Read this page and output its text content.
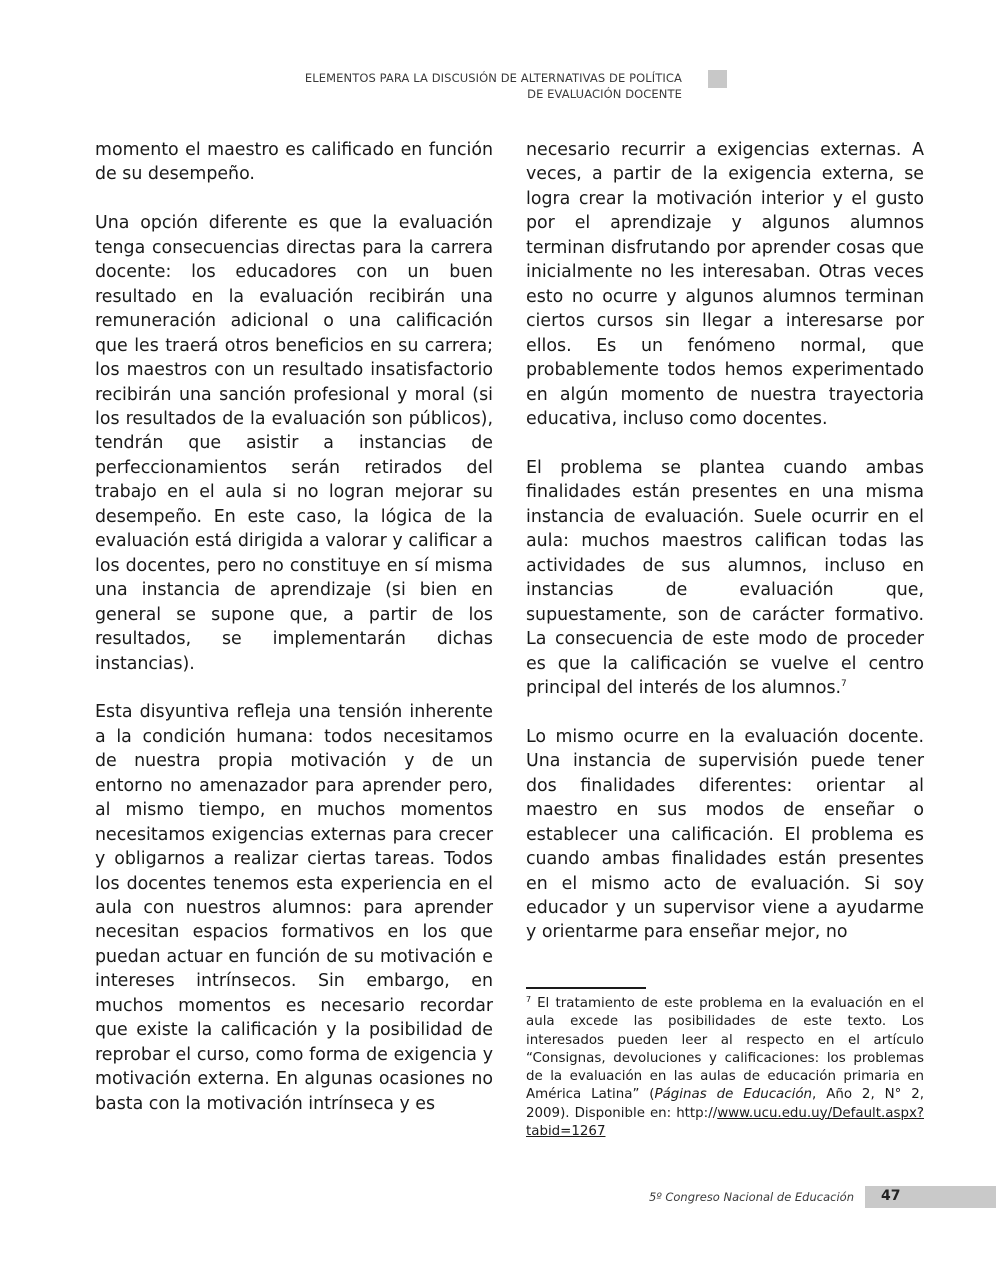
ELEMENTOS PARA LA DISCUSIÓN DE ALTERNATIVAS DE POLÍTICA
DE EVALUACIÓN DOCENTE

momento el maestro es calificado en función de su desempeño.

Una opción diferente es que la evaluación tenga consecuencias directas para la carrera docente: los educadores con un buen resultado en la evaluación recibirán una remuneración adicional o una calificación que les traerá otros beneficios en su carrera; los maestros con un resultado insatisfactorio recibirán una sanción profesional y moral (si los resultados de la evaluación son públicos), tendrán que asistir a instancias de perfeccionamientos serán retirados del trabajo en el aula si no logran mejorar su desempeño. En este caso, la lógica de la evaluación está dirigida a valorar y calificar a los docentes, pero no constituye en sí misma una instancia de aprendizaje (si bien en general se supone que, a partir de los resultados, se implementarán dichas instancias).

Esta disyuntiva refleja una tensión inherente a la condición humana: todos necesitamos de nuestra propia motivación y de un entorno no amenazador para aprender pero, al mismo tiempo, en muchos momentos necesitamos exigencias externas para crecer y obligarnos a realizar ciertas tareas. Todos los docentes tenemos esta experiencia en el aula con nuestros alumnos: para aprender necesitan espacios formativos en los que puedan actuar en función de su motivación e intereses intrínsecos. Sin embargo, en muchos momentos es necesario recordar que existe la calificación y la posibilidad de reprobar el curso, como forma de exigencia y motivación externa. En algunas ocasiones no basta con la motivación intrínseca y es

necesario recurrir a exigencias externas. A veces, a partir de la exigencia externa, se logra crear la motivación interior y el gusto por el aprendizaje y algunos alumnos terminan disfrutando por aprender cosas que inicialmente no les interesaban. Otras veces esto no ocurre y algunos alumnos terminan ciertos cursos sin llegar a interesarse por ellos. Es un fenómeno normal, que probablemente todos hemos experimentado en algún momento de nuestra trayectoria educativa, incluso como docentes.

El problema se plantea cuando ambas finalidades están presentes en una misma instancia de evaluación. Suele ocurrir en el aula: muchos maestros califican todas las actividades de sus alumnos, incluso en instancias de evaluación que, supuestamente, son de carácter formativo. La consecuencia de este modo de proceder es que la calificación se vuelve el centro principal del interés de los alumnos.$^7$

Lo mismo ocurre en la evaluación docente. Una instancia de supervisión puede tener dos finalidades diferentes: orientar al maestro en sus modos de enseñar o establecer una calificación. El problema es cuando ambas finalidades están presentes en el mismo acto de evaluación. Si soy educador y un supervisor viene a ayudarme y orientarme para enseñar mejor, no

$^7$ El tratamiento de este problema en la evaluación en el aula excede las posibilidades de este texto. Los interesados pueden leer al respecto en el artículo “Consignas, devoluciones y calificaciones: los problemas de la evaluación en las aulas de educación primaria en América Latina” (Páginas de Educación, Año 2, N° 2, 2009). Disponible en: http://www.ucu.edu.uy/Default.aspx?tabid=1267

5º Congreso Nacional de Educación 47
